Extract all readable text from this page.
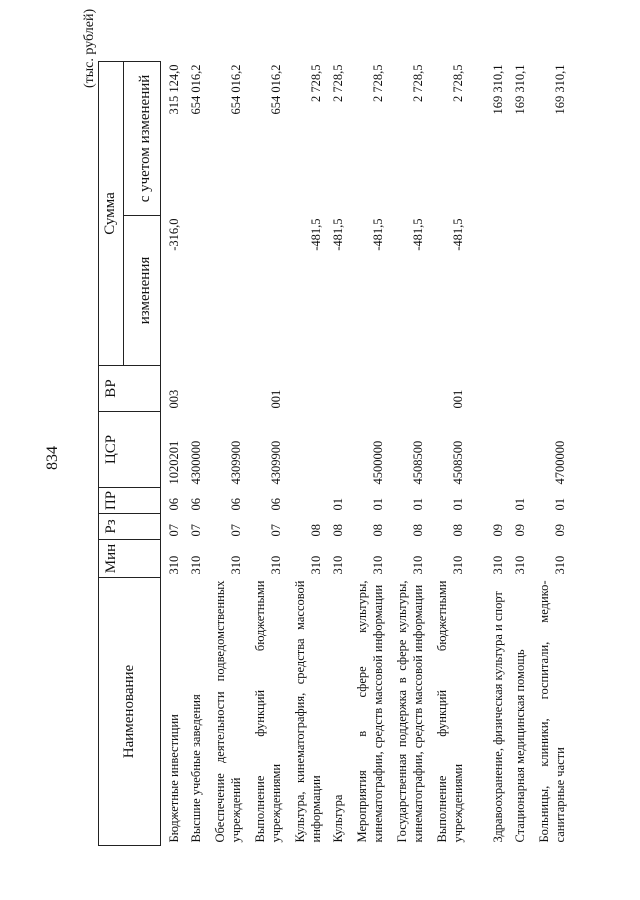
834
(тыс. рублей)
Наименование	Мин	Рз	ПР	ЦСР	ВР	Сумма	
						изменения	с учетом изменений
Бюджетные инвестиции	310	07	06	1020201	003	-316,0	315 124,0
Высшие учебные заведения	310	07	06	4300000			654 016,2
Обеспечение деятельности подведомственных учреждений	310	07	06	4309900			654 016,2
Выполнение функций бюджетными учреждениями	310	07	06	4309900	001		654 016,2
Культура, кинематография, средства массовой информации	310	08				-481,5	2 728,5
Культура	310	08	01			-481,5	2 728,5
Мероприятия в сфере культуры, кинематографии, средств массовой информации	310	08	01	4500000		-481,5	2 728,5
Государственная поддержка в сфере культуры, кинематографии, средств массовой информации	310	08	01	4508500		-481,5	2 728,5
Выполнение функций бюджетными учреждениями	310	08	01	4508500	001	-481,5	2 728,5
Здравоохранение, физическая культура и спорт	310	09					169 310,1
Стационарная медицинская помощь	310	09	01				169 310,1
Больницы, клиники, госпитали, медико-санитарные части	310	09	01	4700000			169 310,1
